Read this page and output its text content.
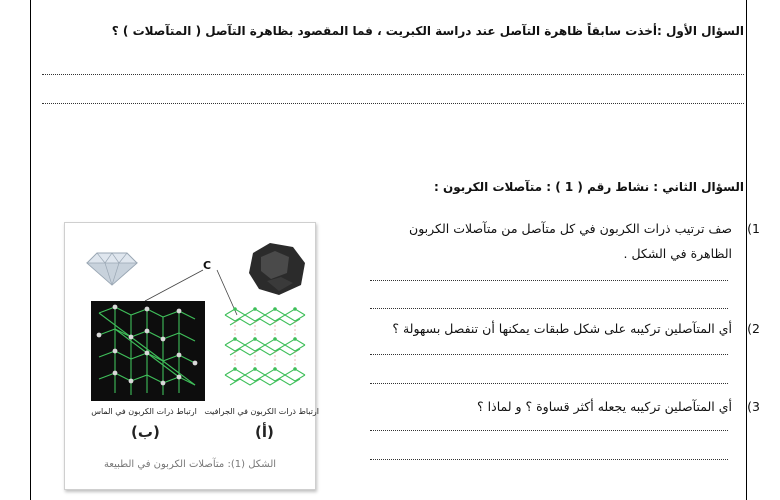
السؤال الأول :أخذت سابقاً ظاهرة التآصل عند دراسة الكبريت ، فما المقصود بظاهرة التآصل ( المتآصلات ) ؟
السؤال الثاني : نشاط رقم ( 1 ) : متآصلات الكربون :
1)
صف ترتيب ذرات الكربون في كل متآصل من متآصلات الكربون
الظاهرة في الشكل .
2)
أي المتآصلين تركيبه على شكل طبقات يمكنها أن تنفصل بسهولة ؟
3)
أي المتآصلين تركيبه يجعله أكثر قساوة ؟ و لماذا ؟
C
ارتباط ذرات الكربون في الماس ارتباط ذرات الكربون في الجرافيت
(ب)	(أ)
الشكل (1): متآصلات الكربون في الطبيعة
